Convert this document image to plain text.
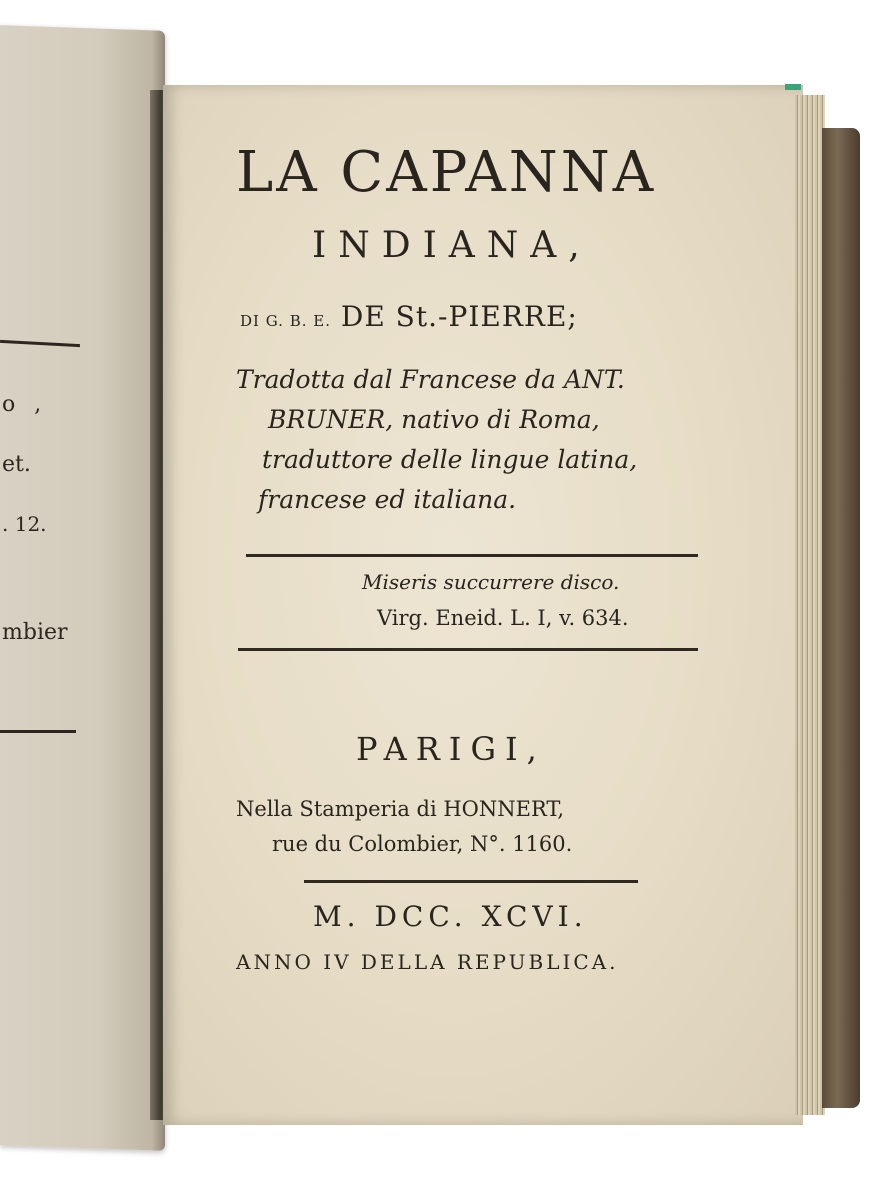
o ,
et.
. 12.
mbier
LA CAPANNA
INDIANA,
DI G. B. E. DE St.-PIERRE;
Tradotta dal Francese da ANT.
BRUNER, nativo di Roma,
traduttore delle lingue latina,
francese ed italiana.
Miseris succurrere disco.
Virg. Eneid. L. I, v. 634.
PARIGI,
Nella Stamperia di HONNERT,
rue du Colombier, N°. 1160.
M. DCC. XCVI.
ANNO IV DELLA REPUBLICA.
